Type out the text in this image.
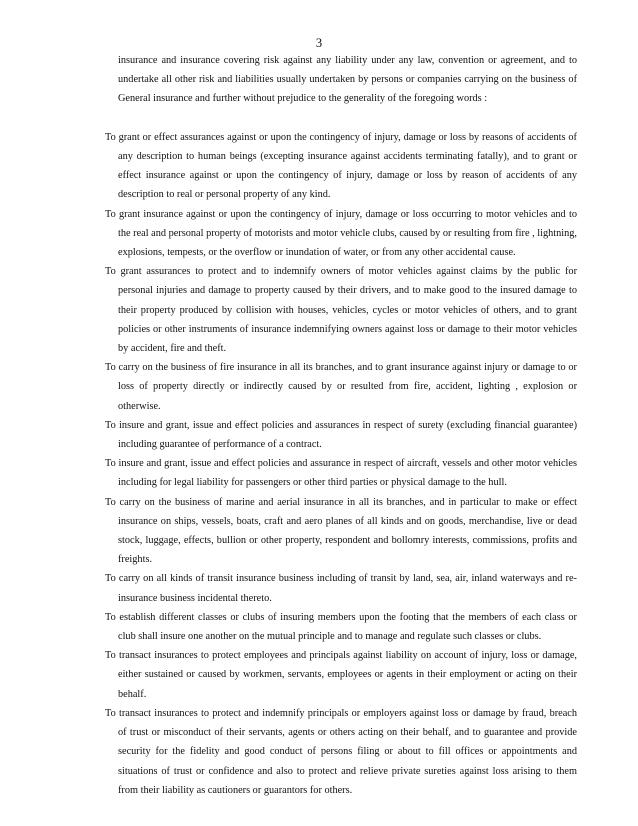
3

insurance and insurance covering risk against any liability under any law, convention or agreement, and to undertake all other risk and liabilities usually undertaken by persons or companies carrying on the business of General insurance and further without prejudice to the generality of the foregoing words :

To grant or effect assurances against or upon the contingency of injury, damage or loss by reasons of accidents of any description to human beings (excepting insurance against accidents terminating fatally), and to grant or effect insurance against or upon the contingency of injury, damage or loss by reason of accidents of any description to real or personal property of any kind.

To grant insurance against or upon the contingency of injury, damage or loss occurring to motor vehicles and to the real and personal property of motorists and motor vehicle clubs, caused by or resulting from fire , lightning, explosions, tempests, or the overflow or inundation of water, or from any other accidental cause.

To grant assurances to protect and to indemnify owners of motor vehicles against claims by the public for personal injuries and damage to property caused by their drivers, and to make good to the insured damage to their property produced by collision with houses, vehicles, cycles or motor vehicles of others, and to grant policies or other instruments of insurance indemnifying owners against loss or damage to their motor vehicles by accident, fire and theft.

To carry on the business of fire insurance in all its branches, and to grant insurance against injury or damage to or loss of property directly or indirectly caused by or resulted from fire, accident, lighting , explosion or otherwise.

To insure and grant, issue and effect policies and assurances in respect of surety (excluding financial guarantee) including guarantee of performance of a contract.

To insure and grant, issue and effect policies and assurance in respect of aircraft, vessels and other motor vehicles including for legal liability for passengers or other third parties or physical damage to the hull.

To carry on the business of marine and aerial insurance in all its branches, and in particular to make or effect insurance on ships, vessels, boats, craft and aero planes of all kinds and on goods, merchandise, live or dead stock, luggage, effects, bullion or other property, respondent and bollomry interests, commissions, profits and freights.

To carry on all kinds of transit insurance business including of transit by land, sea, air, inland waterways and re-insurance business incidental thereto.

To establish different classes or clubs of insuring members upon the footing that the members of each class or club shall insure one another on the mutual principle and to manage and regulate such classes or clubs.

To transact insurances to protect employees and principals against liability on account of injury, loss or damage, either sustained or caused by workmen, servants, employees or agents in their employment or acting on their behalf.

To transact insurances to protect and indemnify principals or employers against loss or damage by fraud, breach of trust or misconduct of their servants, agents or others acting on their behalf, and to guarantee and provide security for the fidelity and good conduct of persons filing or about to fill offices or appointments and situations of trust or confidence and also to protect and relieve private sureties against loss arising to them from their liability as cautioners or guarantors for others.
